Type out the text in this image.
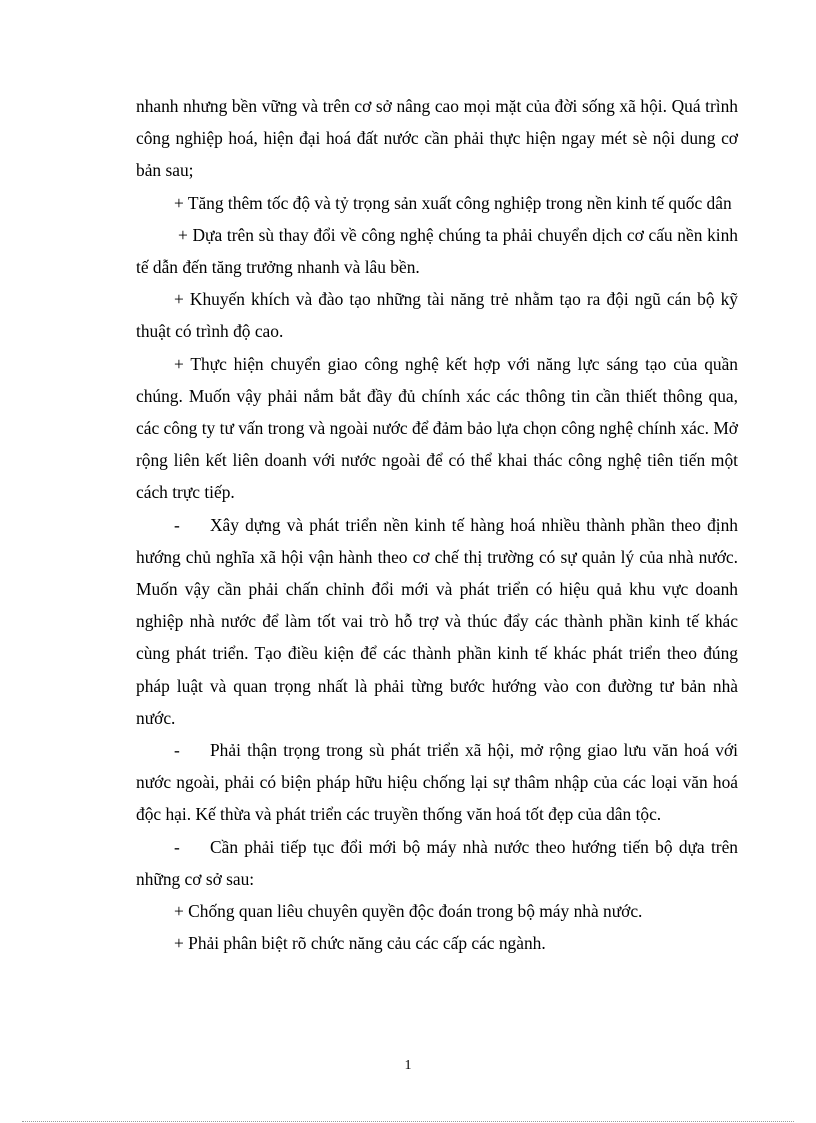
nhanh nhưng bền vững và trên cơ sở nâng cao mọi mặt của đời sống xã hội. Quá trình công nghiệp hoá, hiện đại hoá đất nước cần phải thực hiện ngay mét sè nội dung cơ bản sau;

+ Tăng thêm tốc độ và tỷ trọng sản xuất công nghiệp trong nền kinh tế quốc dân

+ Dựa trên sù thay đổi về công nghệ chúng ta phải chuyển dịch cơ cấu nền kinh tế dẫn đến tăng trưởng nhanh và lâu bền.

+ Khuyến khích và đào tạo những tài năng trẻ nhằm tạo ra đội ngũ cán bộ kỹ thuật có trình độ cao.

+ Thực hiện chuyển giao công nghệ kết hợp với năng lực sáng tạo của quần chúng. Muốn vậy phải nắm bắt đầy đủ chính xác các thông tin cần thiết thông qua, các công ty tư vấn trong và ngoài nước để đảm bảo lựa chọn công nghệ chính xác. Mở rộng liên kết liên doanh với nước ngoài để có thể khai thác công nghệ tiên tiến một cách trực tiếp.

- Xây dựng và phát triển nền kinh tế hàng hoá nhiều thành phần theo định hướng chủ nghĩa xã hội vận hành theo cơ chế thị trường có sự quản lý của nhà nước. Muốn vậy cần phải chấn chỉnh đổi mới và phát triển có hiệu quả khu vực doanh nghiệp nhà nước để làm tốt vai trò hỗ trợ và thúc đẩy các thành phần kinh tế khác cùng phát triển. Tạo điều kiện để các thành phần kinh tế khác phát triển theo đúng pháp luật và quan trọng nhất là phải từng bước hướng vào con đường tư bản nhà nước.

- Phải thận trọng trong sù phát triển xã hội, mở rộng giao lưu văn hoá với nước ngoài, phải có biện pháp hữu hiệu chống lại sự thâm nhập của các loại văn hoá độc hại. Kế thừa và phát triển các truyền thống văn hoá tốt đẹp của dân tộc.

- Cần phải tiếp tục đổi mới bộ máy nhà nước theo hướng tiến bộ dựa trên những cơ sở sau:

+ Chống quan liêu chuyên quyền độc đoán trong bộ máy nhà nước.

+ Phải phân biệt rõ chức năng cảu các cấp các ngành.

1
